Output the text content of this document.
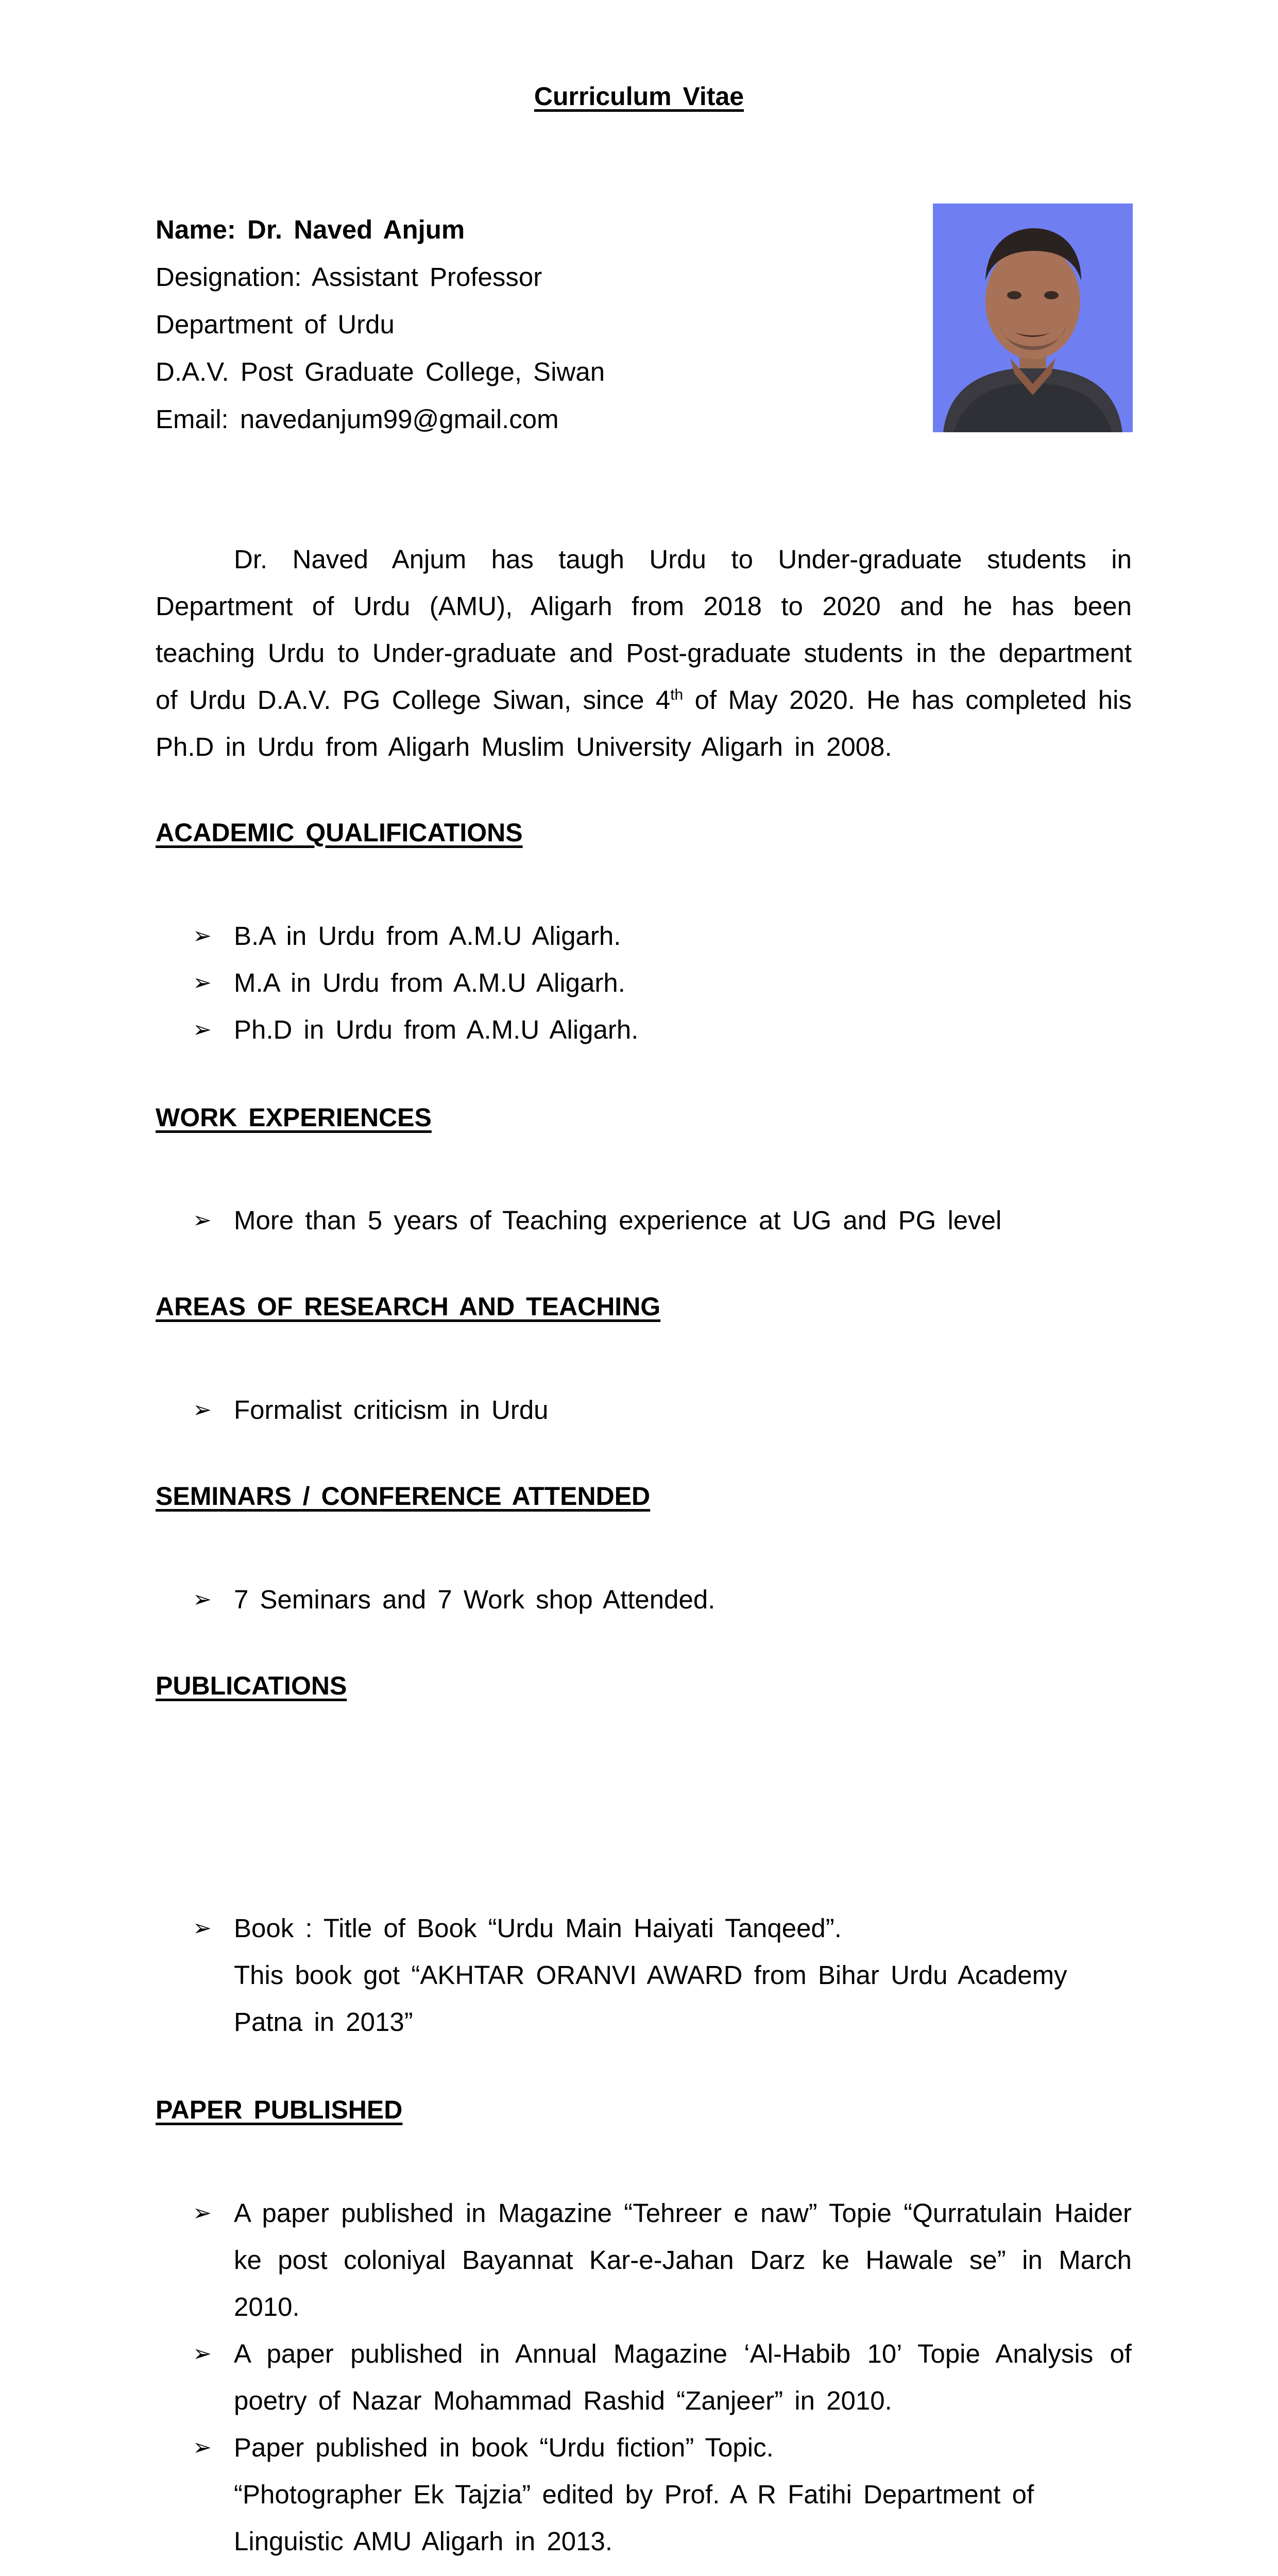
Curriculum Vitae
Name: Dr. Naved Anjum
Designation: Assistant Professor
Department of Urdu
D.A.V. Post Graduate College, Siwan
Email: navedanjum99@gmail.com

Dr. Naved Anjum has taugh Urdu to Under-graduate students in Department of Urdu (AMU), Aligarh from 2018 to 2020 and he has been teaching Urdu to Under-graduate and Post-graduate students in the department of Urdu D.A.V. PG College Siwan, since 4th of May 2020. He has completed his Ph.D in Urdu from Aligarh Muslim University Aligarh in 2008.

ACADEMIC QUALIFICATIONS
➢ B.A in Urdu from A.M.U Aligarh.
➢ M.A in Urdu from A.M.U Aligarh.
➢ Ph.D in Urdu from A.M.U Aligarh.
WORK EXPERIENCES
➢ More than 5 years of Teaching experience at UG and PG level
AREAS OF RESEARCH AND TEACHING
➢ Formalist criticism in Urdu
SEMINARS / CONFERENCE ATTENDED
➢ 7 Seminars and 7 Work shop Attended.
PUBLICATIONS
➢ Book : Title of Book “Urdu Main Haiyati Tanqeed”.
This book got “AKHTAR ORANVI AWARD from Bihar Urdu Academy Patna in 2013”
PAPER PUBLISHED
➢ A paper published in Magazine “Tehreer e naw” Topie “Qurratulain Haider ke post coloniyal Bayannat Kar-e-Jahan Darz ke Hawale se” in March 2010.
➢ A paper published in Annual Magazine ‘Al-Habib 10’ Topie Analysis of poetry of Nazar Mohammad Rashid “Zanjeer” in 2010.
➢ Paper published in book “Urdu fiction” Topic.
“Photographer Ek Tajzia” edited by Prof. A R Fatihi Department of Linguistic AMU Aligarh in 2013.
